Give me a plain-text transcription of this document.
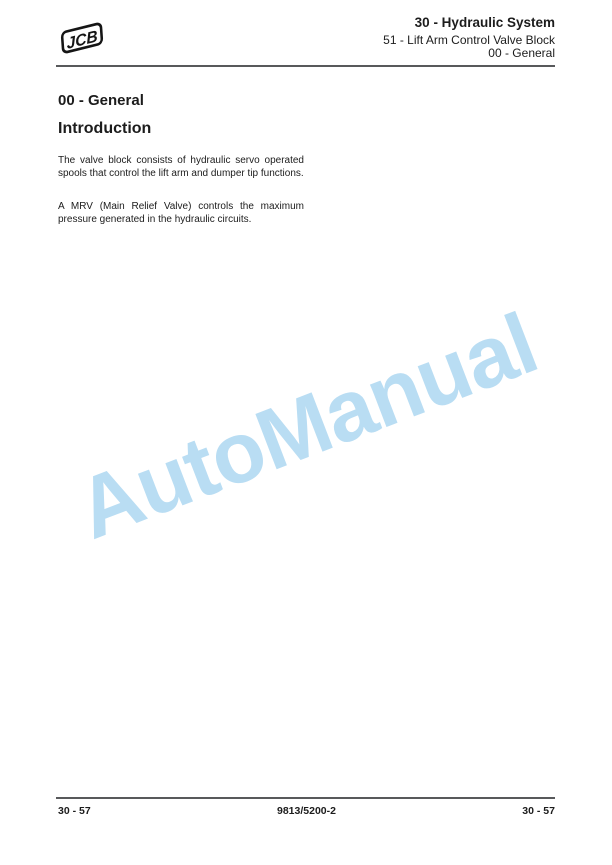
JCB
30 - Hydraulic System
51 - Lift Arm Control Valve Block
00 - General
00 - General
Introduction

The valve block consists of hydraulic servo operated spools that control the lift arm and dumper tip functions.

A MRV (Main Relief Valve) controls the maximum pressure generated in the hydraulic circuits.

AutoManual
30 - 57	9813/5200-2	30 - 57
